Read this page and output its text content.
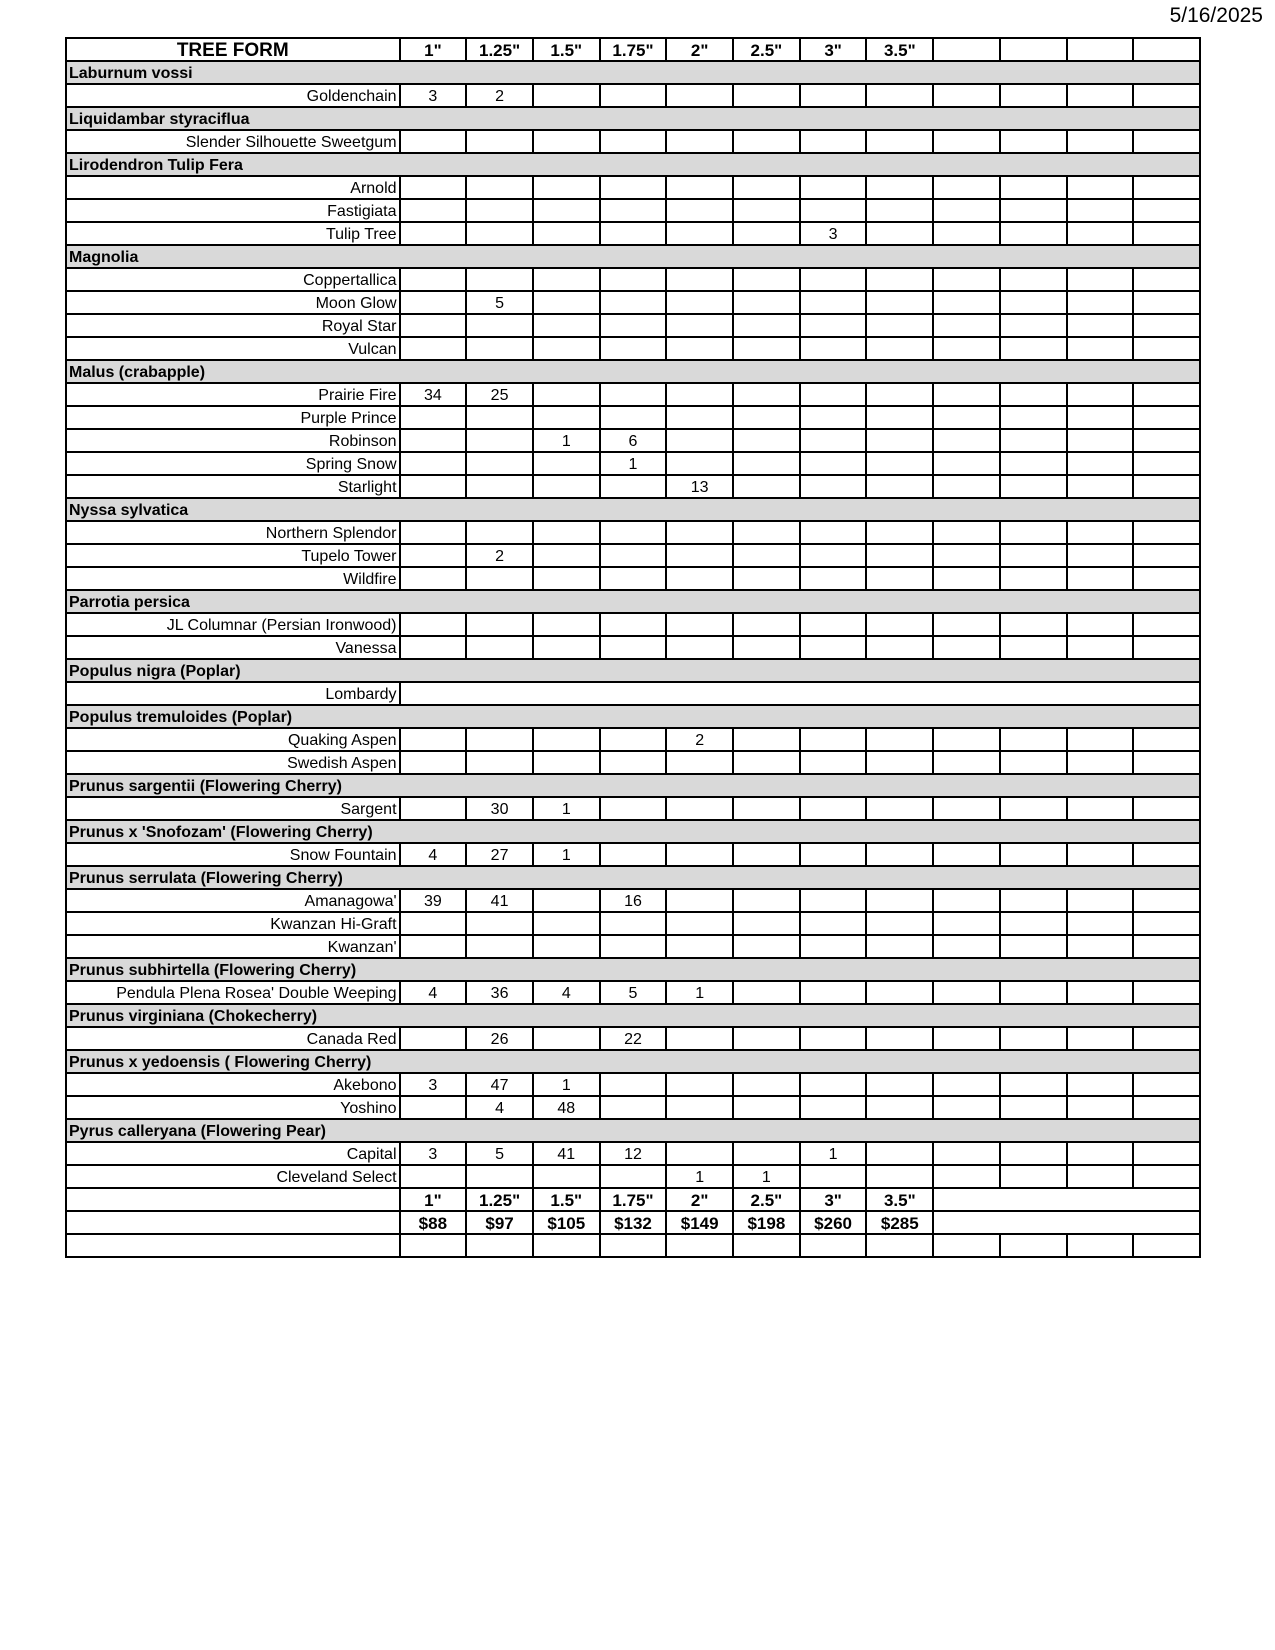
5/16/2025
TREE FORM	1"	1.25"	1.5"	1.75"	2"	2.5"	3"	3.5"				
Laburnum vossi												
Goldenchain	3	2										
Liquidambar styraciflua												
Slender Silhouette Sweetgum												
Lirodendron Tulip Fera												
Arnold												
Fastigiata												
Tulip Tree							3					
Magnolia												
Coppertallica												
Moon Glow		5										
Royal Star												
Vulcan												
Malus (crabapple)												
Prairie Fire	34	25										
Purple Prince												
Robinson			1	6								
Spring Snow				1								
Starlight					13							
Nyssa sylvatica												
Northern Splendor												
Tupelo Tower		2										
Wildfire												
Parrotia persica												
JL Columnar (Persian Ironwood)												
Vanessa												
Populus nigra (Poplar)												
Lombardy												
Populus tremuloides (Poplar)												
Quaking Aspen					2							
Swedish Aspen												
Prunus sargentii (Flowering Cherry)												
Sargent		30	1									
Prunus x 'Snofozam' (Flowering Cherry)												
Snow Fountain	4	27	1									
Prunus serrulata (Flowering Cherry)												
Amanagowa'	39	41		16								
Kwanzan Hi-Graft												
Kwanzan'												
Prunus subhirtella (Flowering Cherry)												
Pendula Plena Rosea' Double Weeping	4	36	4	5	1							
Prunus virginiana (Chokecherry)												
Canada Red		26		22								
Prunus x yedoensis ( Flowering Cherry)												
Akebono	3	47	1									
Yoshino		4	48									
Pyrus calleryana (Flowering Pear)												
Capital	3	5	41	12			1					
Cleveland Select					1	1						
	1"	1.25"	1.5"	1.75"	2"	2.5"	3"	3.5"				
	$88	$97	$105	$132	$149	$198	$260	$285				
